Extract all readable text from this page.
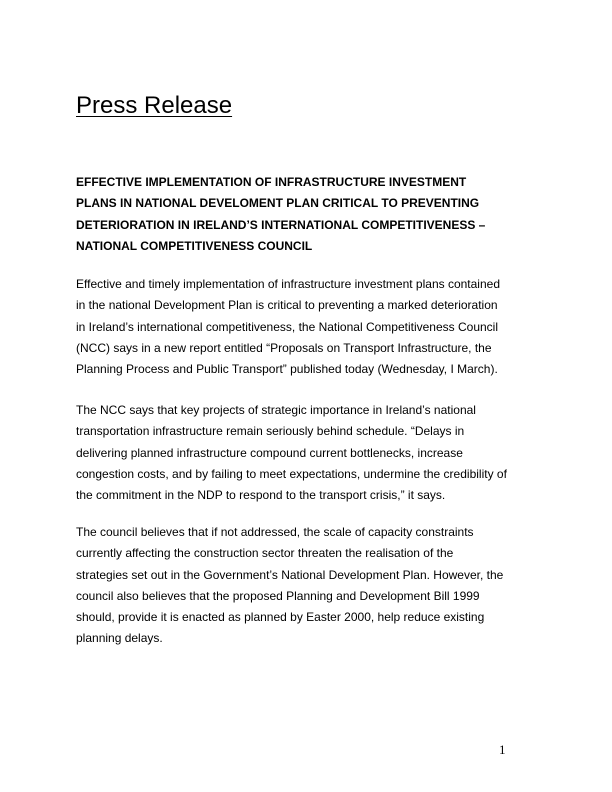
Press Release
EFFECTIVE IMPLEMENTATION OF INFRASTRUCTURE INVESTMENT
PLANS IN NATIONAL DEVELOMENT PLAN CRITICAL TO PREVENTING
DETERIORATION IN IRELAND’S INTERNATIONAL COMPETITIVENESS –
NATIONAL COMPETITIVENESS COUNCIL
Effective and timely implementation of infrastructure investment plans contained
in the national Development Plan is critical to preventing a marked deterioration
in Ireland’s international competitiveness, the National Competitiveness Council
(NCC) says in a new report entitled “Proposals on Transport Infrastructure, the
Planning Process and Public Transport” published today (Wednesday, I March).
The NCC says that key projects of strategic importance in Ireland’s national
transportation infrastructure remain seriously behind schedule. “Delays in
delivering planned infrastructure compound current bottlenecks, increase
congestion costs, and by failing to meet expectations, undermine the credibility of
the commitment in the NDP to respond to the transport crisis,” it says.
The council believes that if not addressed, the scale of capacity constraints
currently affecting the construction sector threaten the realisation of the
strategies set out in the Government’s National Development Plan. However, the
council also believes that the proposed Planning and Development Bill 1999
should, provide it is enacted as planned by Easter 2000, help reduce existing
planning delays.
1
